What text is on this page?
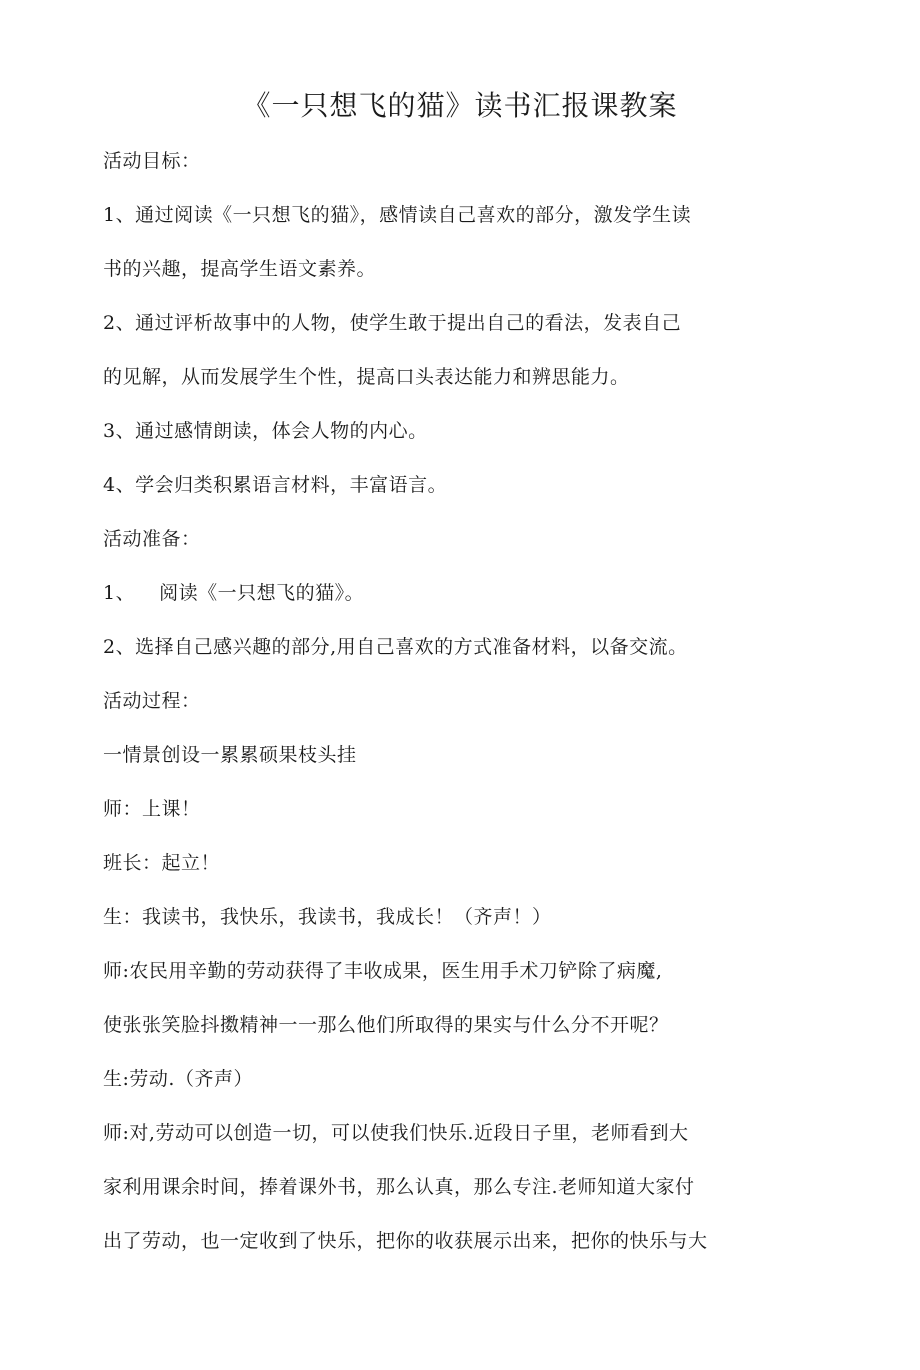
《一只想飞的猫》读书汇报课教案
活动目标：
1、通过阅读《一只想飞的猫》，感情读自己喜欢的部分，激发学生读
书的兴趣，提高学生语文素养。
2、通过评析故事中的人物，使学生敢于提出自己的看法，发表自己
的见解，从而发展学生个性，提高口头表达能力和辨思能力。
3、通过感情朗读，体会人物的内心。
4、学会归类积累语言材料，丰富语言。
活动准备：
1、 阅读《一只想飞的猫》。
2、选择自己感兴趣的部分,用自己喜欢的方式准备材料，以备交流。
活动过程：
一情景创设一累累硕果枝头挂
师：上课！
班长：起立！
生：我读书，我快乐，我读书，我成长！（齐声！）
师:农民用辛勤的劳动获得了丰收成果，医生用手术刀铲除了病魔,
使张张笑脸抖擞精神一一那么他们所取得的果实与什么分不开呢？
生:劳动.（齐声）
师:对,劳动可以创造一切，可以使我们快乐.近段日子里，老师看到大
家利用课余时间，捧着课外书，那么认真，那么专注.老师知道大家付
出了劳动，也一定收到了快乐，把你的收获展示出来，把你的快乐与大
